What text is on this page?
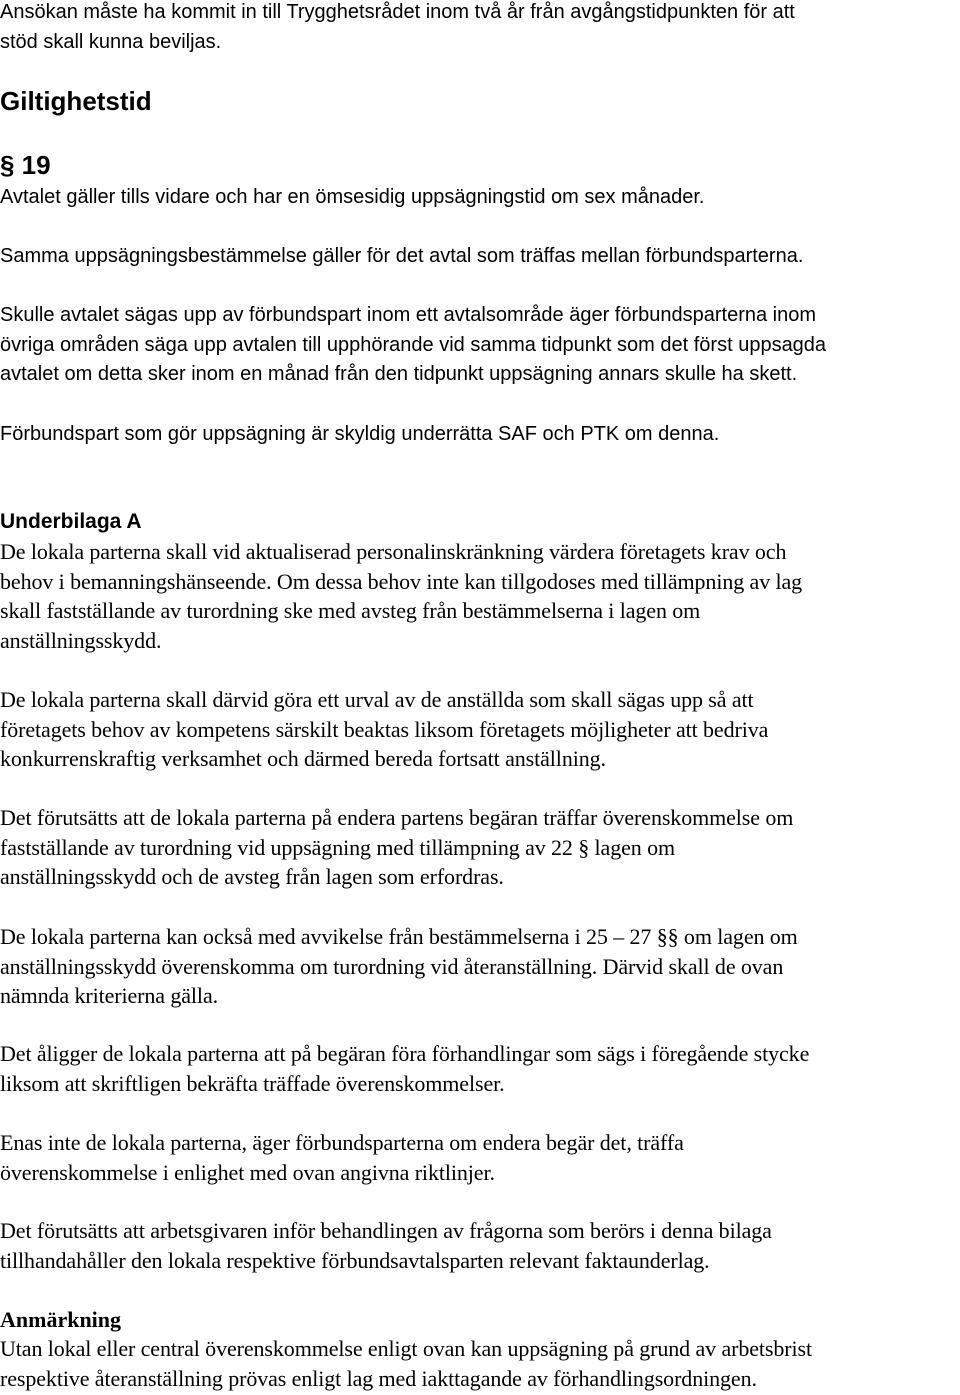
Ansökan måste ha kommit in till Trygghetsrådet inom två år från avgångstidpunkten för att
stöd skall kunna beviljas.

Giltighetstid
§ 19

Avtalet gäller tills vidare och har en ömsesidig uppsägningstid om sex månader.

Samma uppsägningsbestämmelse gäller för det avtal som träffas mellan förbundsparterna.

Skulle avtalet sägas upp av förbundspart inom ett avtalsområde äger förbundsparterna inom
övriga områden säga upp avtalen till upphörande vid samma tidpunkt som det först uppsagda
avtalet om detta sker inom en månad från den tidpunkt uppsägning annars skulle ha skett.

Förbundspart som gör uppsägning är skyldig underrätta SAF och PTK om denna.

Underbilaga A

De lokala parterna skall vid aktualiserad personalinskränkning värdera företagets krav och
behov i bemanningshänseende. Om dessa behov inte kan tillgodoses med tillämpning av lag
skall fastställande av turordning ske med avsteg från bestämmelserna i lagen om
anställningsskydd.

De lokala parterna skall därvid göra ett urval av de anställda som skall sägas upp så att
företagets behov av kompetens särskilt beaktas liksom företagets möjligheter att bedriva
konkurrenskraftig verksamhet och därmed bereda fortsatt anställning.

Det förutsätts att de lokala parterna på endera partens begäran träffar överenskommelse om
fastställande av turordning vid uppsägning med tillämpning av 22 § lagen om
anställningsskydd och de avsteg från lagen som erfordras.

De lokala parterna kan också med avvikelse från bestämmelserna i 25 – 27 §§ om lagen om
anställningsskydd överenskomma om turordning vid återanställning. Därvid skall de ovan
nämnda kriterierna gälla.

Det åligger de lokala parterna att på begäran föra förhandlingar som sägs i föregående stycke
liksom att skriftligen bekräfta träffade överenskommelser.

Enas inte de lokala parterna, äger förbundsparterna om endera begär det, träffa
överenskommelse i enlighet med ovan angivna riktlinjer.

Det förutsätts att arbetsgivaren inför behandlingen av frågorna som berörs i denna bilaga
tillhandahåller den lokala respektive förbundsavtalsparten relevant faktaunderlag.

Anmärkning

Utan lokal eller central överenskommelse enligt ovan kan uppsägning på grund av arbetsbrist
respektive återanställning prövas enligt lag med iakttagande av förhandlingsordningen.
